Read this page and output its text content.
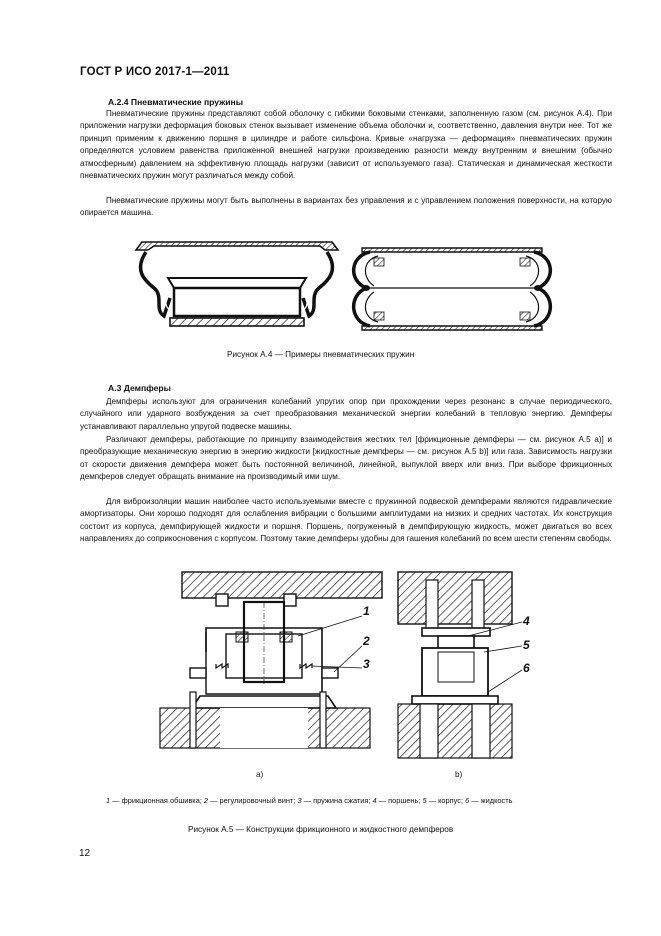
ГОСТ Р ИСО 2017-1—2011
А.2.4 Пневматические пружины

Пневматические пружины представляют собой оболочку с гибкими боковыми стенками, заполненную газом (см. рисунок А.4). При приложении нагрузки деформация боковых стенок вызывает изменение объема оболочки и, соответственно, давления внутри нее. Тот же принцип применим к движению поршня в цилиндре и работе сильфона. Кривые «нагрузка — деформация» пневматических пружин определяются условием равенства приложенной внешней нагрузки произведению разности между внутренним и внешним (обычно атмосферным) давлением на эффективную площадь нагрузки (зависит от используемого газа). Статическая и динамическая жесткости пневматических пружин могут различаться между собой.

Пневматические пружины могут быть выполнены в вариантах без управления и с управлением положения поверхности, на которую опирается машина.

Рисунок А.4 — Примеры пневматических пружин
А.3 Демпферы

Демпферы используют для ограничения колебаний упругих опор при прохождении через резонанс в случае периодического, случайного или ударного возбуждения за счет преобразования механической энергии колебаний в тепловую энергию. Демпферы устанавливают параллельно упругой подвеске машины.

Различают демпферы, работающие по принципу взаимодействия жестких тел [фрикционные демпферы — см. рисунок А.5 а)] и преобразующие механическую энергию в энергию жидкости [жидкостные демпферы — см. рисунок А.5 b)] или газа. Зависимость нагрузки от скорости движения демпфера может быть постоянной величиной, линейной, выпуклой вверх или вниз. При выборе фрикционных демпферов следует обращать внимание на производимый ими шум.

Для виброизоляции машин наиболее часто используемыми вместе с пружинной подвеской демпферами являются гидравлические амортизаторы. Они хорошо подходят для ослабления вибрации с большими амплитудами на низких и средних частотах. Их конструкция состоит из корпуса, демпфирующей жидкости и поршня. Поршень, погруженный в демпфирующую жидкость, может двигаться во всех направлениях до соприкосновения с корпусом. Поэтому такие демпферы удобны для гашения колебаний по всем шести степеням свободы.

1
2
3
а)
4
5
6
b)
1 — фрикционная обшивка; 2 — регулировочный винт; 3 — пружина сжатия; 4 — поршень; 5 — корпус; 6 — жидкость
Рисунок А.5 — Конструкции фрикционного и жидкостного демпферов
12
